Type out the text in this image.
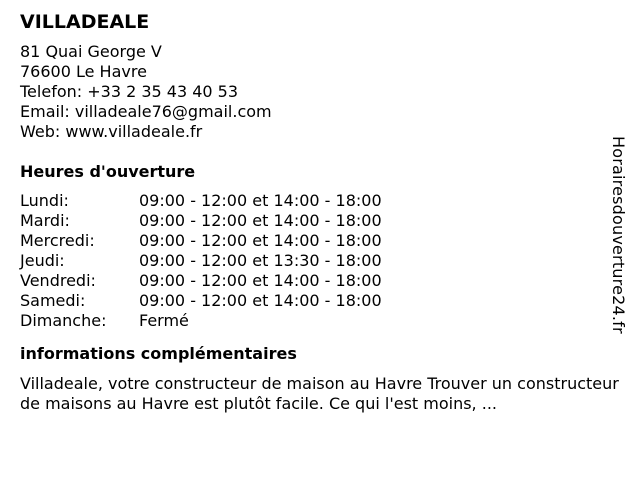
VILLADEALE
81 Quai George V
76600 Le Havre
Telefon: +33 2 35 43 40 53
Email: villadeale76@gmail.com
Web: www.villadeale.fr
Heures d'ouverture
Lundi:	09:00 - 12:00 et 14:00 - 18:00
Mardi:	09:00 - 12:00 et 14:00 - 18:00
Mercredi:	09:00 - 12:00 et 14:00 - 18:00
Jeudi:	09:00 - 12:00 et 13:30 - 18:00
Vendredi:	09:00 - 12:00 et 14:00 - 18:00
Samedi:	09:00 - 12:00 et 14:00 - 18:00
Dimanche:	Fermé
informations complémentaires

Villadeale, votre constructeur de maison au Havre Trouver un constructeur de maisons au Havre est plutôt facile. Ce qui l'est moins, ...

Horairesdouverture24.fr
